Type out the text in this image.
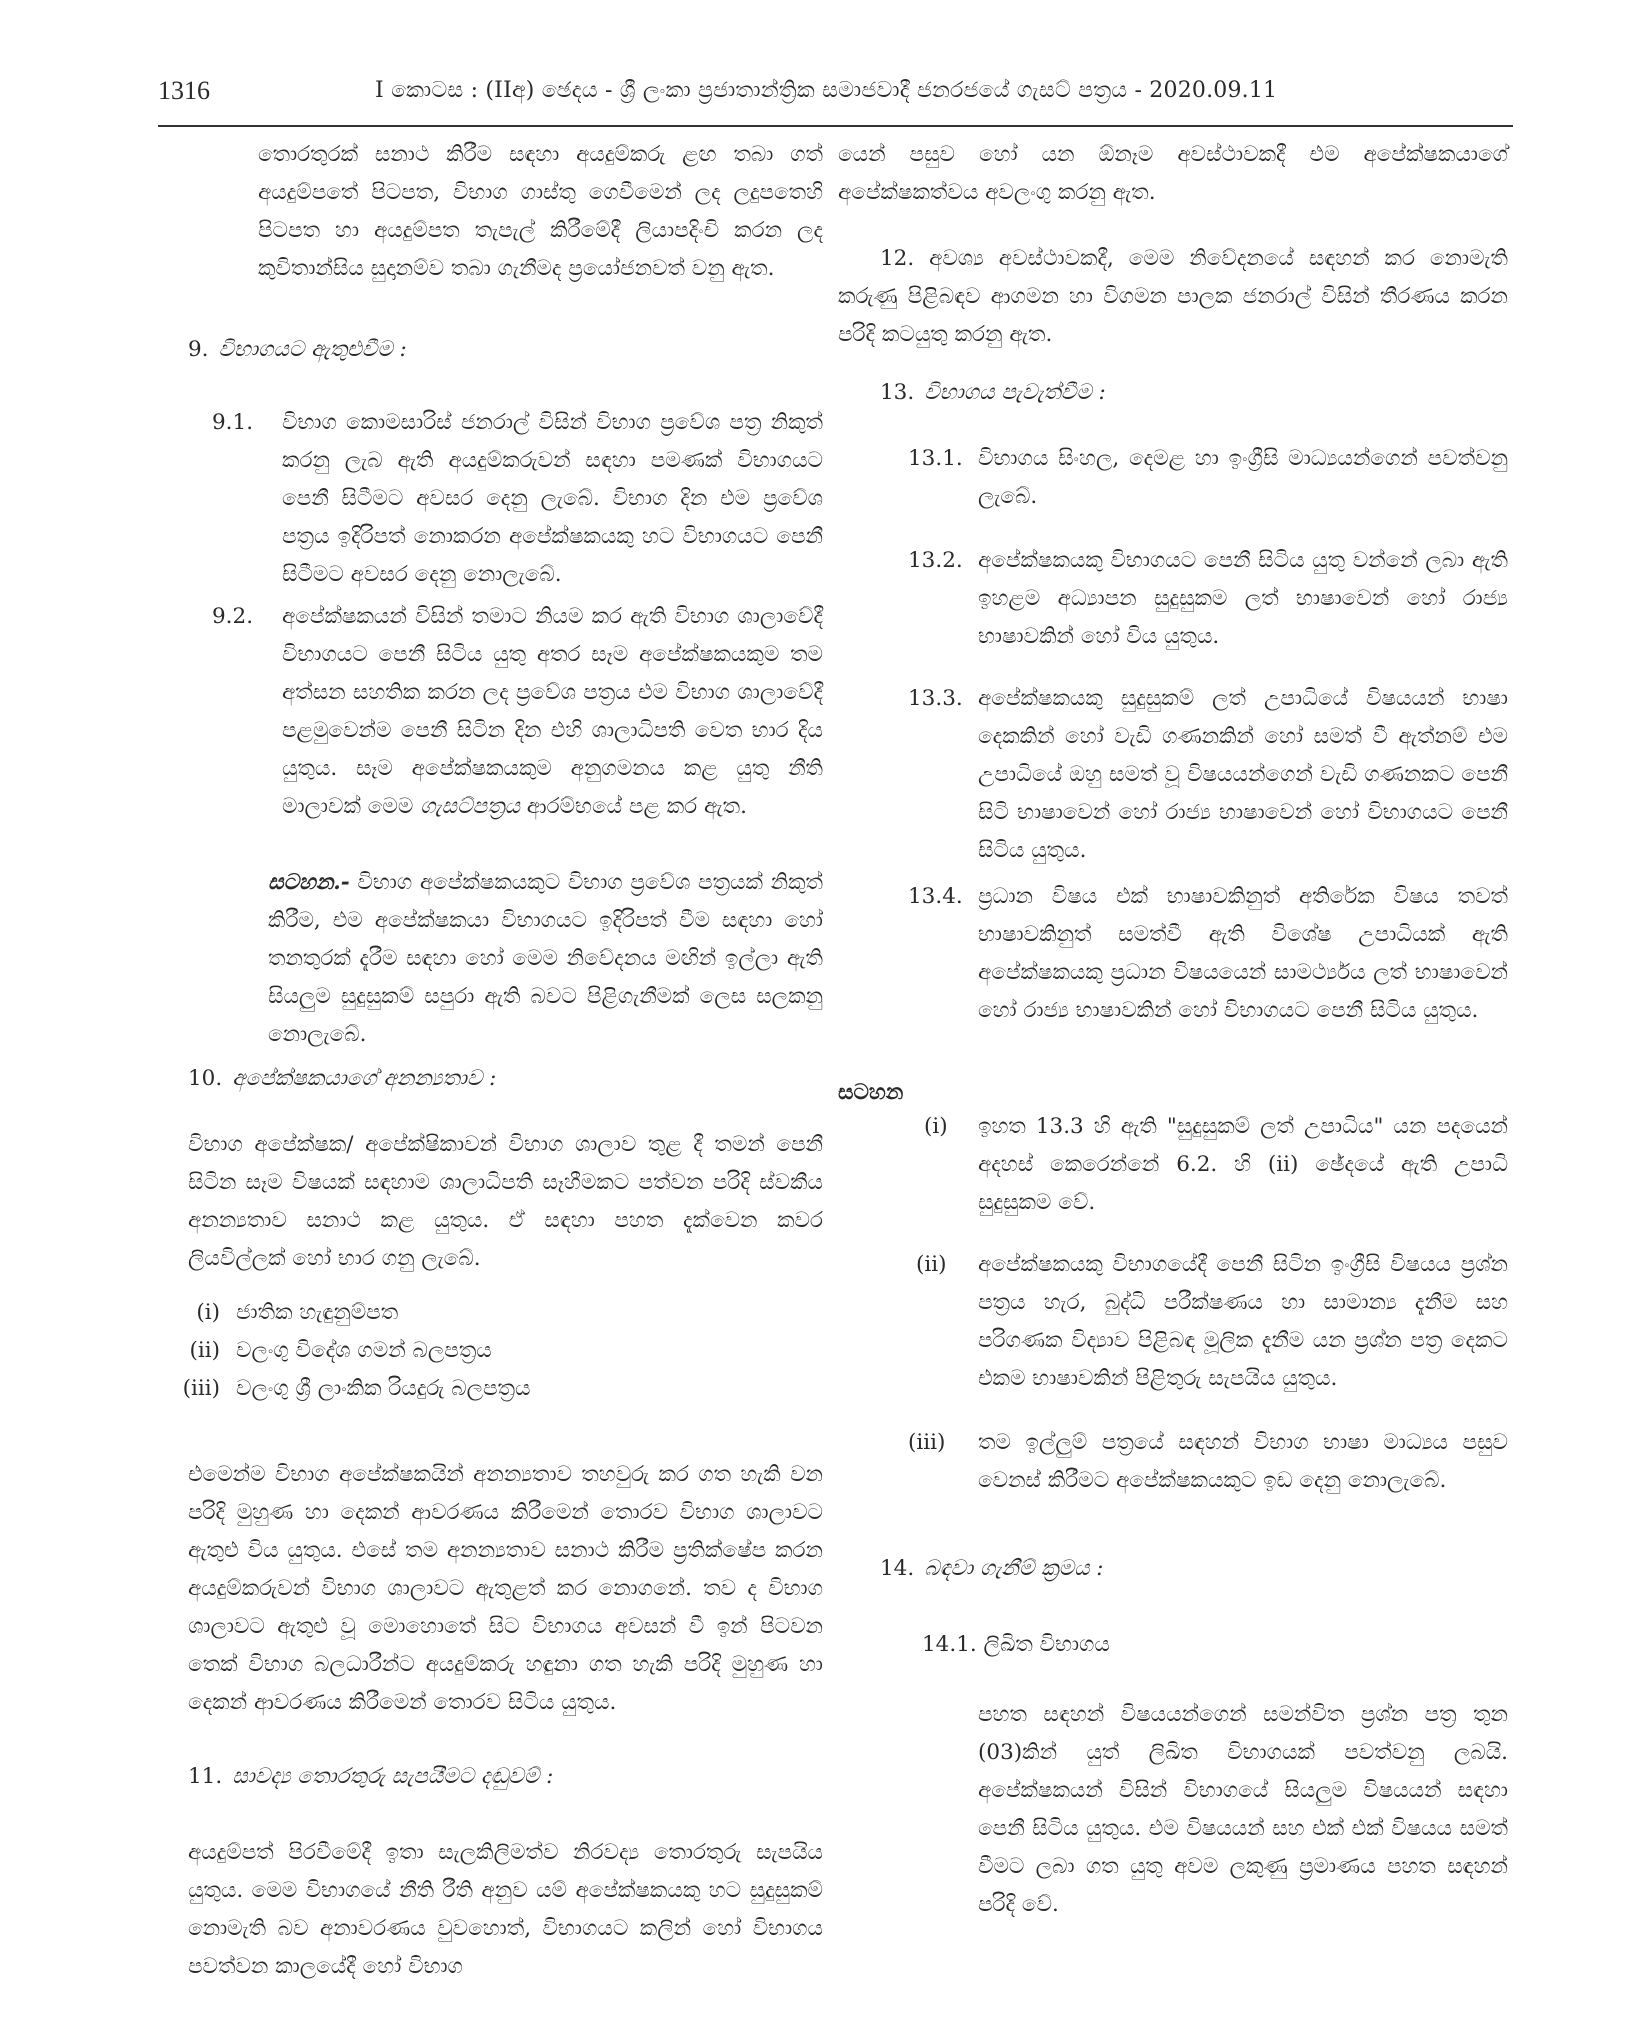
1316	I කොටස : (IIඅ) ඡෙදය - ශ්‍රී ලංකා ප්‍රජාතාන්ත්‍රික සමාජවාදී ජනරජයේ ගැසට් පත්‍රය - 2020.09.11

තොරතුරක් සනාථ කිරීම සඳහා අයදුම්කරු ළඟ තබා ගත් අයදුම්පතේ පිටපත, විභාග ගාස්තු ගෙවීමෙන් ලද ලදුපතෙහි පිටපත හා අයදුම්පත තැපැල් කිරීමේදී ලියාපදිංචි කරන ලද කුවිතාන්සිය සුදානම්ව තබා ගැනීමද ප්‍රයෝජනවත් වනු ඇත.

9. විභාගයට ඇතුළුවීම :
9.1.	විභාග කොමසාරිස් ජනරාල් විසින් විභාග ප්‍රවේශ පත්‍ර නිකුත් කරනු ලැබ ඇති අයදුම්කරුවන් සඳහා පමණක් විභාගයට පෙනී සිටීමට අවසර දෙනු ලැබේ. විභාග දින එම ප්‍රවේශ පත්‍රය ඉදිරිපත් නොකරන අපේක්ෂකයකු හට විභාගයට පෙනී සිටීමට අවසර දෙනු නොලැබේ.

9.2.	අපේක්ෂකයන් විසින් තමාට නියම කර ඇති විභාග ශාලාවේදී විභාගයට පෙනී සිටිය යුතු අතර සෑම අපේක්ෂකයකුම තම අත්සන සහතික කරන ලද ප්‍රවේශ පත්‍රය එම විභාග ශාලාවේදී පළමුවෙන්ම පෙනී සිටින දින එහි ශාලාධිපති වෙත භාර දිය යුතුය. සෑම අපේක්ෂකයකුම අනුගමනය කළ යුතු නීති මාලාවක් මෙම ගැසට්පත්‍රය ආරම්භයේ පළ කර ඇත.

සටහන.- විභාග අපේක්ෂකයකුට විභාග ප්‍රවේශ පත්‍රයක් නිකුත් කිරීම, එම අපේක්ෂකයා විභාගයට ඉදිරිපත් වීම සඳහා හෝ තනතුරක් දැරීම සඳහා හෝ මෙම නිවේදනය මඟින් ඉල්ලා ඇති සියලුම සුදුසුකම් සපුරා ඇති බවට පිළිගැනීමක් ලෙස සලකනු නොලැබේ.

10. අපේක්ෂකයාගේ අනන්‍යතාව :

විභාග අපේක්ෂක/ අපේක්ෂිකාවන් විභාග ශාලාව තුළ දී තමන් පෙනී සිටින සෑම විෂයක් සඳහාම ශාලාධිපති සෑහීමකට පත්වන පරිදි ස්වකීය අනන්‍යතාව සනාථ කළ යුතුය. ඒ සඳහා පහත දැක්වෙන කවර ලියවිල්ලක් හෝ භාර ගනු ලැබේ.

(i) ජාතික හැඳුනුම්පත
(ii) වලංගු විදේශ ගමන් බලපත්‍රය
(iii) වලංගු ශ්‍රී ලාංකික රියදුරු බලපත්‍රය

එමෙන්ම විභාග අපේක්ෂකයින් අනන්‍යතාව තහවුරු කර ගත හැකි වන පරිදි මුහුණ හා දෙකන් ආවරණය කිරීමෙන් තොරව විභාග ශාලාවට ඇතුළු විය යුතුය. එසේ තම අනන්‍යතාව සනාථ කිරීම ප්‍රතික්ෂේප කරන අයදුම්කරුවන් විභාග ශාලාවට ඇතුළත් කර නොගනේ. තව ද විභාග ශාලාවට ඇතුළු වූ මොහොතේ සිට විභාගය අවසන් වී ඉන් පිටවන තෙක් විභාග බලධාරීන්ට අයදුම්කරු හඳුනා ගත හැකි පරිදි මුහුණ හා දෙකන් ආවරණය කිරීමෙන් තොරව සිටිය යුතුය.

11. සාවද්‍ය තොරතුරු සැපයීමට දඬුවම් :

අයදුම්පත් පිරවීමේදී ඉතා සැලකිලිමත්ව නිරවද්‍ය තොරතුරු සැපයිය යුතුය. මෙම විභාගයේ නීති රීති අනුව යම් අපේක්ෂකයකු හට සුදුසුකම් නොමැති බව අනාවරණය වුවහොත්, විභාගයට කලින් හෝ විභාගය පවත්වන කාලයේදී හෝ විභාග

යෙන් පසුව හෝ යන ඕනෑම අවස්ථාවකදී එම අපේක්ෂකයාගේ අපේක්ෂකත්වය අවලංගු කරනු ඇත.

12. අවශ්‍ය අවස්ථාවකදී, මෙම නිවේදනයේ සඳහන් කර නොමැති කරුණු පිළිබඳව ආගමන හා විගමන පාලක ජනරාල් විසින් තීරණය කරන පරිදි කටයුතු කරනු ඇත.

13. විභාගය පැවැත්වීම :
13.1. විභාගය සිංහල, දෙමළ හා ඉංග්‍රීසි මාධ්‍යයන්ගෙන් පවත්වනු ලැබේ.

13.2. අපේක්ෂකයකු විභාගයට පෙනී සිටිය යුතු වන්නේ ලබා ඇති ඉහළම අධ්‍යාපන සුදුසුකම ලත් භාෂාවෙන් හෝ රාජ්‍ය භාෂාවකින් හෝ විය යුතුය.

13.3. අපේක්ෂකයකු සුදුසුකම් ලත් උපාධියේ විෂයයන් භාෂා දෙකකින් හෝ වැඩි ගණනකින් හෝ සමත් වී ඇත්නම් එම උපාධියේ ඔහු සමත් වූ විෂයයන්ගෙන් වැඩි ගණනකට පෙනී සිටි භාෂාවෙන් හෝ රාජ්‍ය භාෂාවෙන් හෝ විභාගයට පෙනී සිටිය යුතුය.

13.4. ප්‍රධාන විෂය එක් භාෂාවකිනුත් අතිරේක විෂය තවත් භාෂාවකිනුත් සමත්වී ඇති විශේෂ උපාධියක් ඇති අපේක්ෂකයකු ප්‍රධාන විෂයයෙන් සාමර්ථ්‍යය ලත් භාෂාවෙන් හෝ රාජ්‍ය භාෂාවකින් හෝ විභාගයට පෙනී සිටිය යුතුය.

සටහන
(i)	ඉහත 13.3 හි ඇති "සුදුසුකම් ලත් උපාධිය" යන පදයෙන් අදහස් කෙරෙන්නේ 6.2. හි (ii) ඡේදයේ ඇති උපාධි සුදුසුකම වේ.

(ii)	අපේක්ෂකයකු විභාගයේදී පෙනී සිටින ඉංග්‍රීසි විෂයය ප්‍රශ්න පත්‍රය හැර, බුද්ධි පරීක්ෂණය හා සාමාන්‍ය දැනීම සහ පරිගණක විද්‍යාව පිළිබඳ මූලික දැනීම යන ප්‍රශ්න පත්‍ර දෙකට එකම භාෂාවකින් පිළිතුරු සැපයිය යුතුය.

(iii)	තම ඉල්ලුම් පත්‍රයේ සඳහන් විභාග භාෂා මාධ්‍යය පසුව වෙනස් කිරීමට අපේක්ෂකයකුට ඉඩ දෙනු නොලැබේ.

14. බඳවා ගැනීම් ක්‍රමය :
14.1. ලිඛිත විභාගය

පහත සඳහන් විෂයයන්ගෙන් සමන්විත ප්‍රශ්න පත්‍ර තුන (03)කින් යුත් ලිඛිත විභාගයක් පවත්වනු ලබයි. අපේක්ෂකයන් විසින් විභාගයේ සියලුම විෂයයන් සඳහා පෙනී සිටිය යුතුය. එම විෂයයන් සහ එක් එක් විෂයය සමත් වීමට ලබා ගත යුතු අවම ලකුණු ප්‍රමාණය පහත සඳහන් පරිදි වේ.
